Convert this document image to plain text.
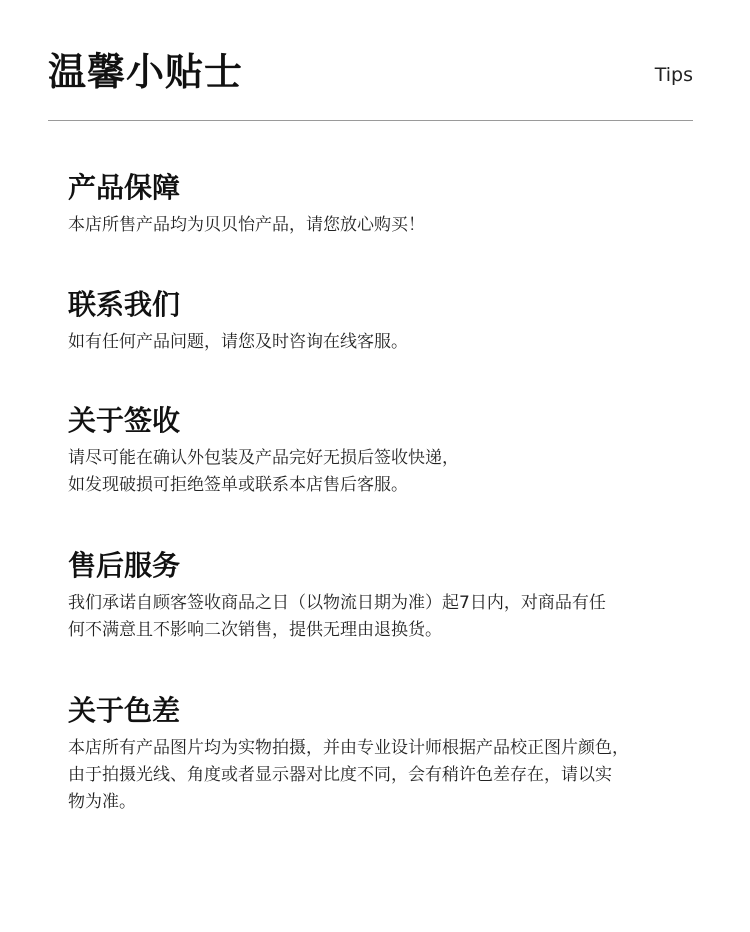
温馨小贴士	Tips
产品保障
本店所售产品均为贝贝怡产品，请您放心购买！
联系我们
如有任何产品问题，请您及时咨询在线客服。
关于签收
请尽可能在确认外包装及产品完好无损后签收快递，
如发现破损可拒绝签单或联系本店售后客服。
售后服务
我们承诺自顾客签收商品之日（以物流日期为准）起7日内，对商品有任
何不满意且不影响二次销售，提供无理由退换货。
关于色差
本店所有产品图片均为实物拍摄，并由专业设计师根据产品校正图片颜色，
由于拍摄光线、角度或者显示器对比度不同，会有稍许色差存在，请以实
物为准。
